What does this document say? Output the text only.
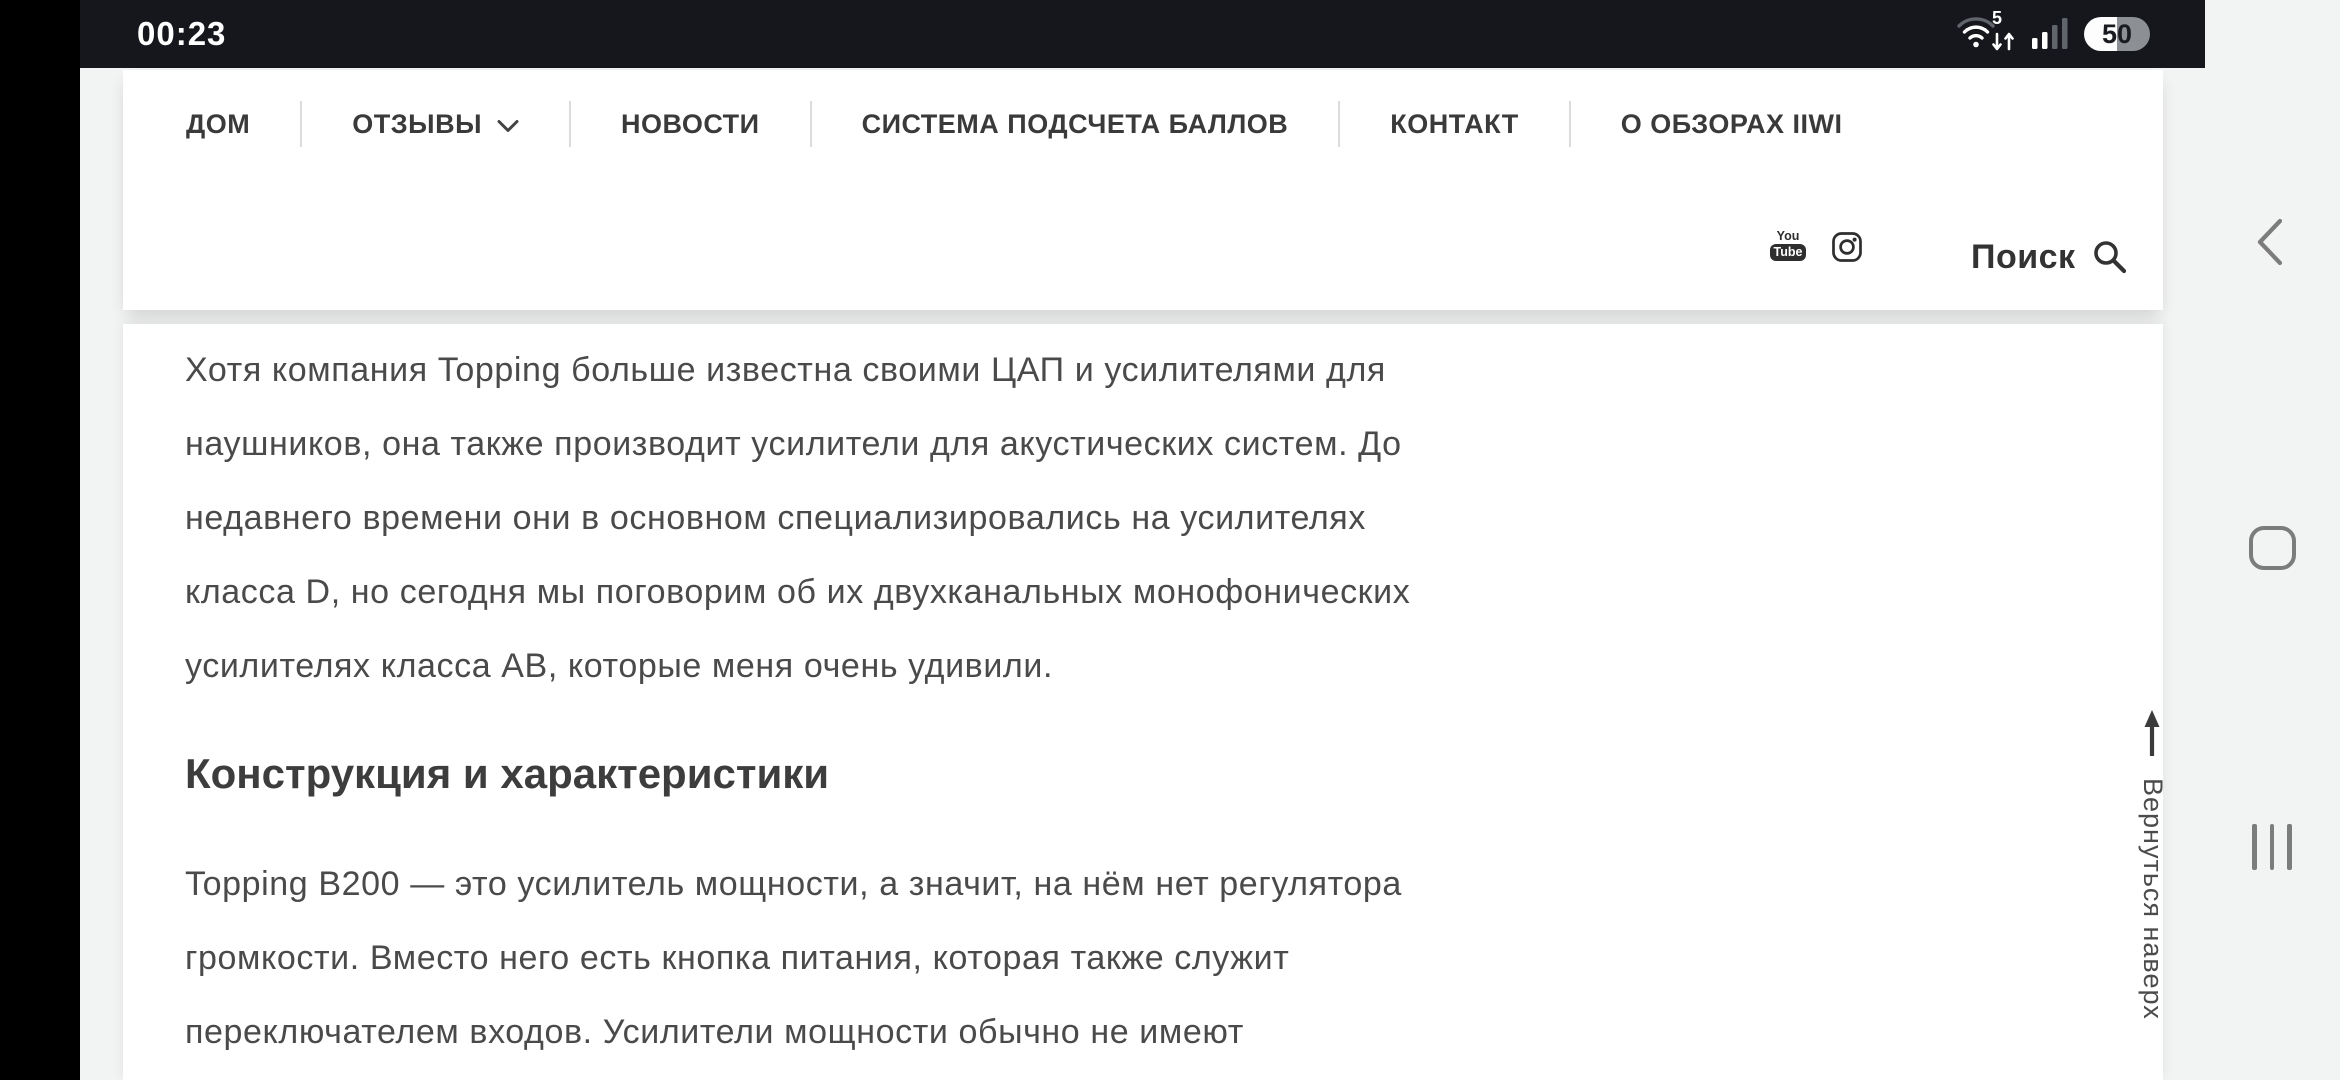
00:23	5
50
ДОМ	ОТЗЫВЫ	НОВОСТИ	СИСТЕМА ПОДСЧЕТА БАЛЛОВ	КОНТАКТ	О ОБЗОРАХ IIWI
You
Tube	Поиск
Хотя компания Topping больше известна своими ЦАП и усилителями для
наушников, она также производит усилители для акустических систем. До
недавнего времени они в основном специализировались на усилителях
класса D, но сегодня мы поговорим об их двухканальных монофонических
усилителях класса AB, которые меня очень удивили.
Конструкция и характеристики
Topping B200 — это усилитель мощности, а значит, на нём нет регулятора
громкости. Вместо него есть кнопка питания, которая также служит
переключателем входов. Усилители мощности обычно не имеют
Вернуться наверх
